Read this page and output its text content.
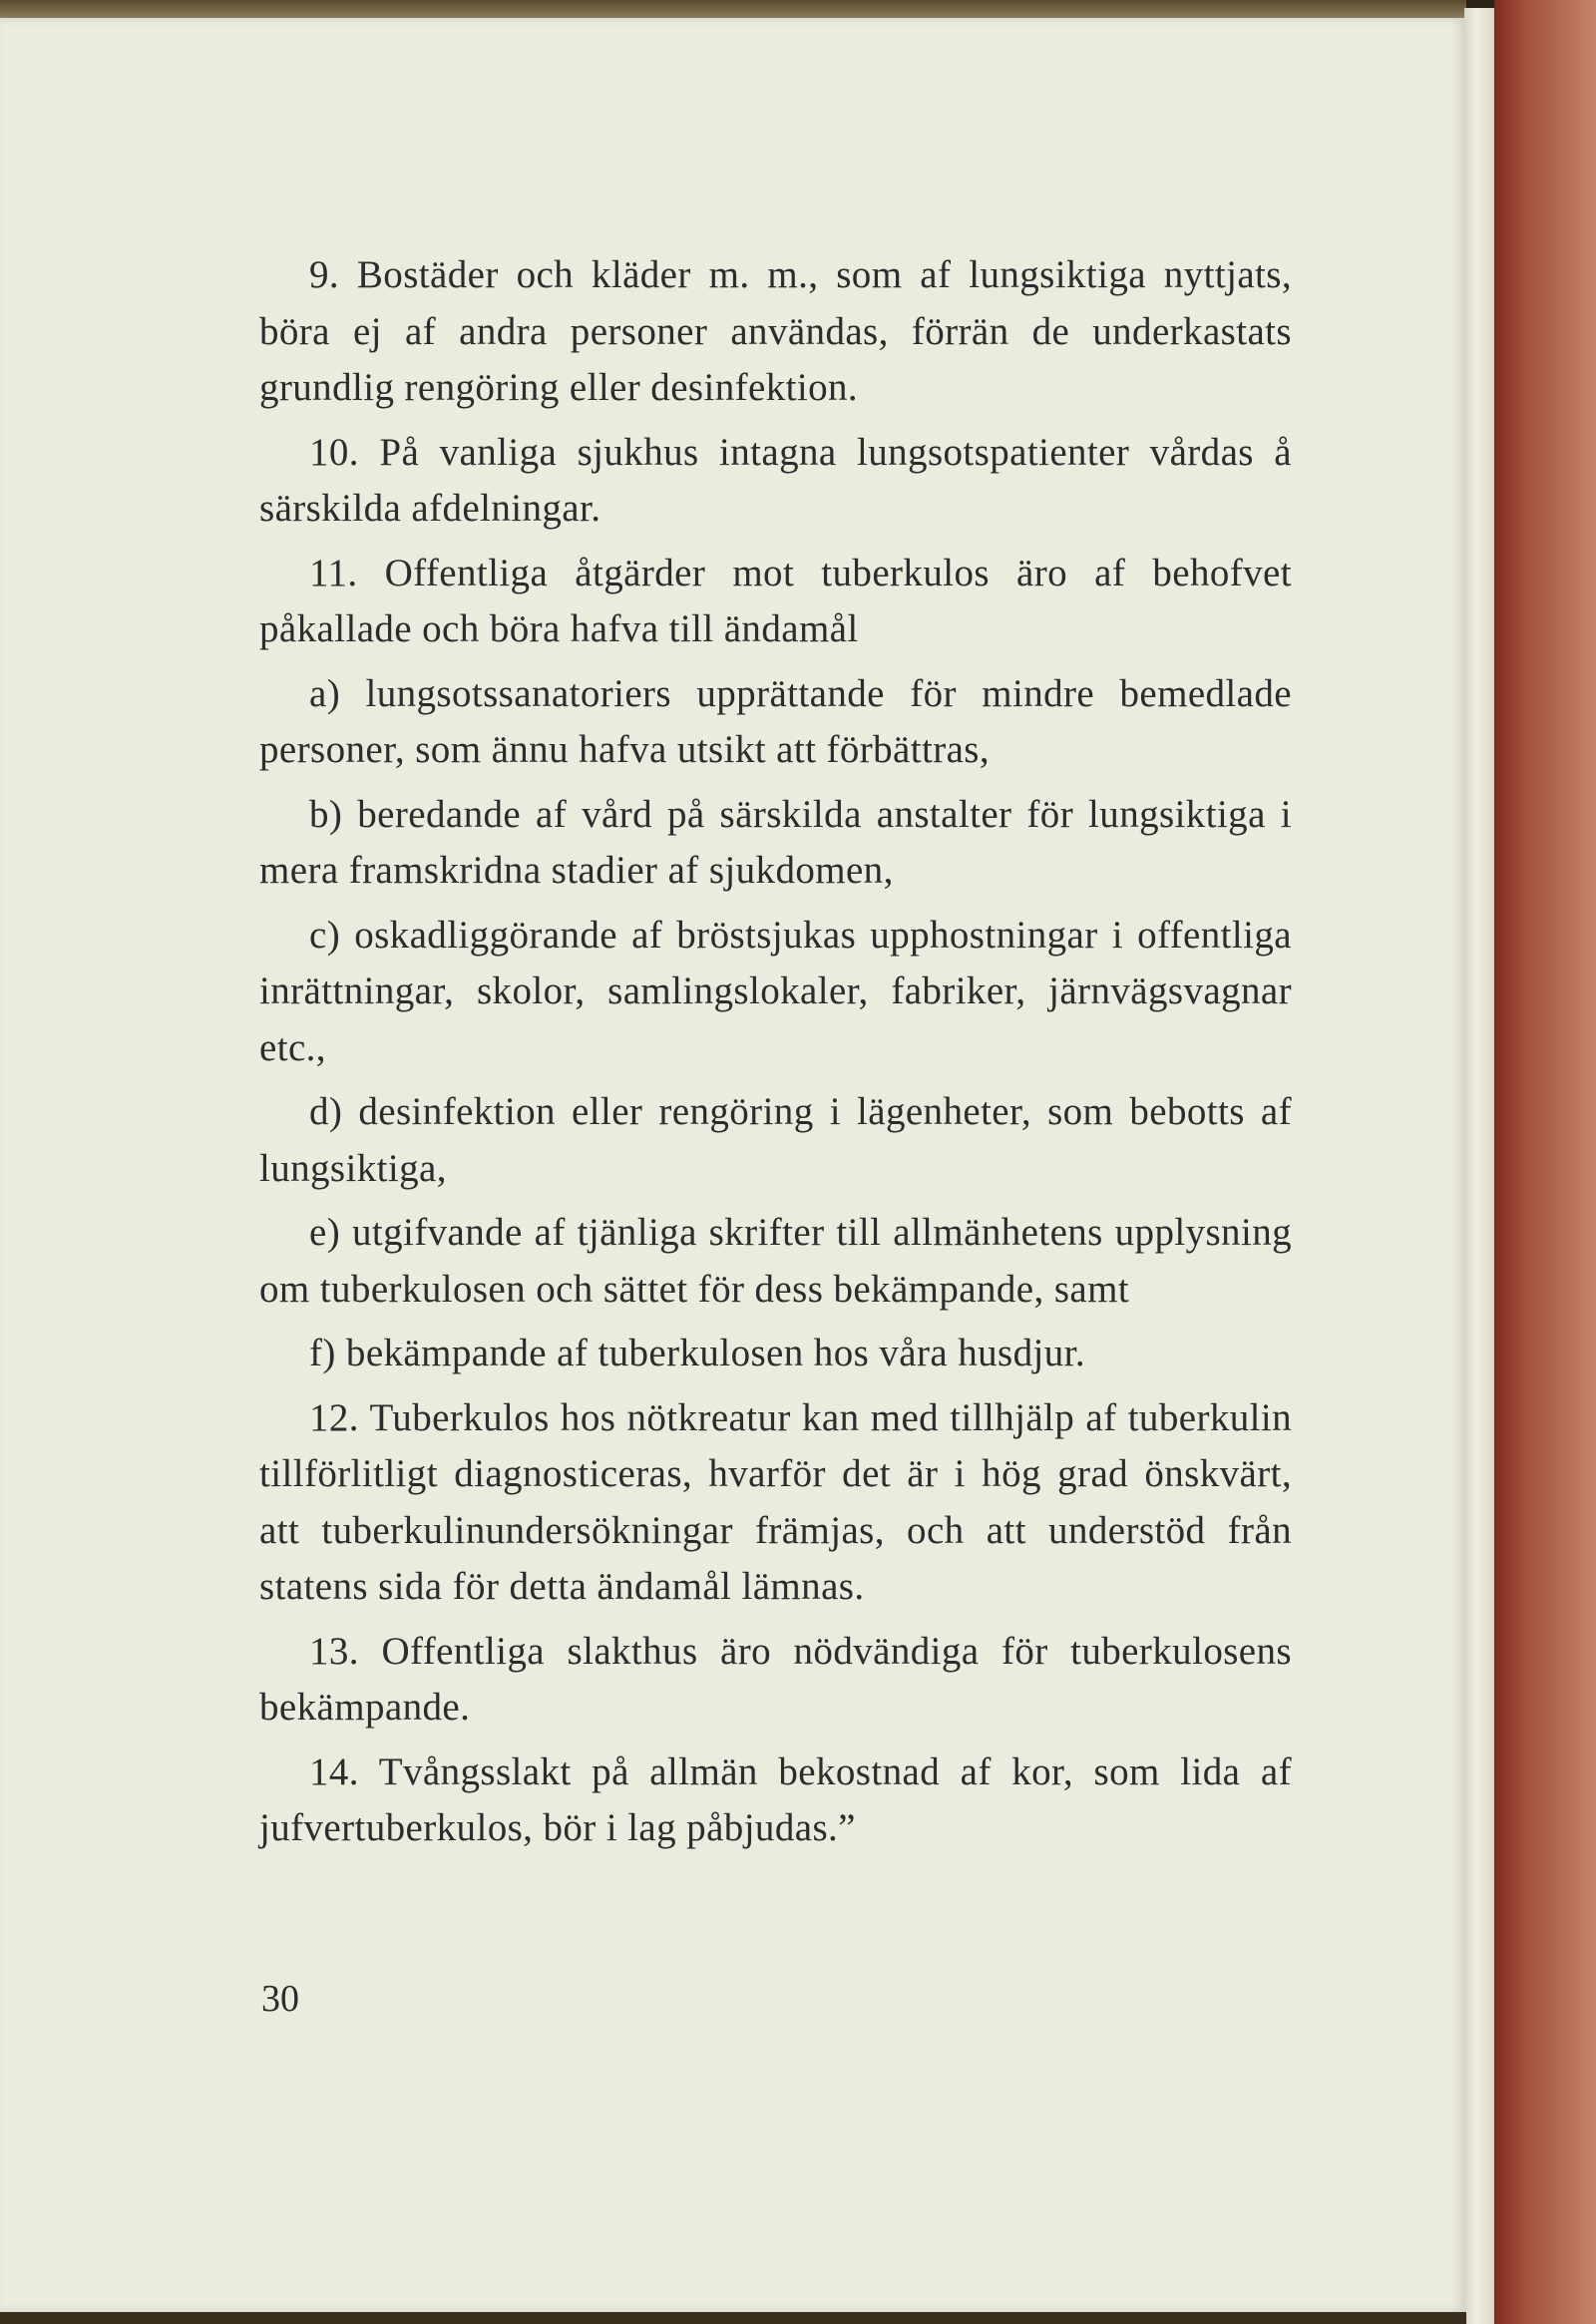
9. Bostäder och kläder m. m., som af lungsiktiga nyttjats, böra ej af andra personer användas, förrän de underkastats grundlig rengöring eller desinfektion.

10. På vanliga sjukhus intagna lungsotspatienter vårdas å särskilda afdelningar.

11. Offentliga åtgärder mot tuberkulos äro af behofvet påkallade och böra hafva till ändamål

a) lungsotssanatoriers upprättande för mindre bemedlade personer, som ännu hafva utsikt att förbättras,

b) beredande af vård på särskilda anstalter för lungsiktiga i mera framskridna stadier af sjukdomen,

c) oskadliggörande af bröstsjukas upphostningar i offentliga inrättningar, skolor, samlingslokaler, fabriker, järnvägsvagnar etc.,

d) desinfektion eller rengöring i lägenheter, som bebotts af lungsiktiga,

e) utgifvande af tjänliga skrifter till allmänhetens upplysning om tuberkulosen och sättet för dess bekämpande, samt

f) bekämpande af tuberkulosen hos våra husdjur.

12. Tuberkulos hos nötkreatur kan med tillhjälp af tuberkulin tillförlitligt diagnosticeras, hvarför det är i hög grad önskvärt, att tuberkulinundersökningar främjas, och att understöd från statens sida för detta ändamål lämnas.

13. Offentliga slakthus äro nödvändiga för tuberkulosens bekämpande.

14. Tvångsslakt på allmän bekostnad af kor, som lida af jufvertuberkulos, bör i lag påbjudas.”

30
